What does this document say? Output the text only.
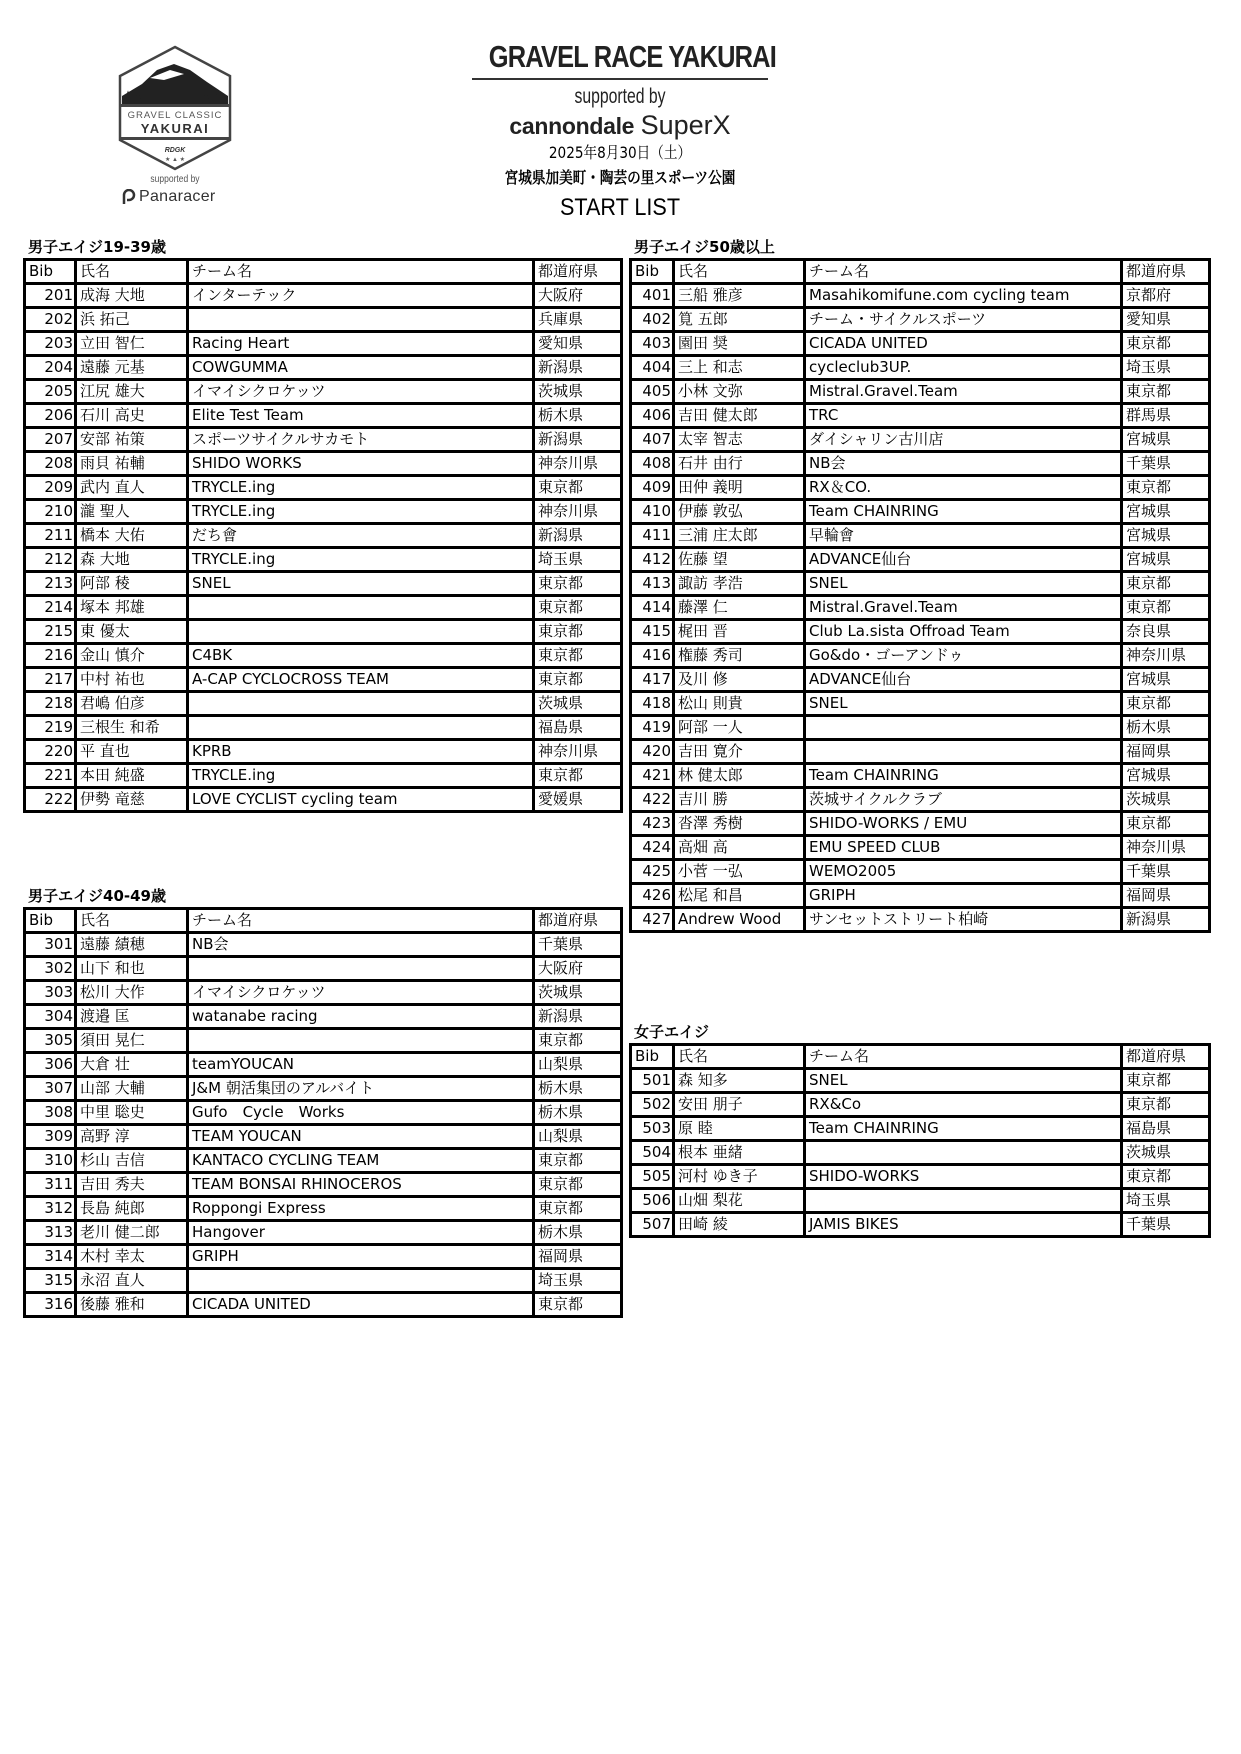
GRAVEL CLASSIC
YAKURAI
RDGK
★ ▲ ★
supported by
Panaracer
GRAVEL RACE YAKURAI
supported by
cannondale SuperX
2025年8月30日（土）
宮城県加美町・陶芸の里スポーツ公園
START LIST
男子エイジ19-39歳
Bib	氏名	チーム名	都道府県
201	成海 大地	インターテック	大阪府
202	浜 拓己		兵庫県
203	立田 智仁	Racing Heart	愛知県
204	遠藤 元基	COWGUMMA	新潟県
205	江尻 雄大	イマイシクロケッツ	茨城県
206	石川 高史	Elite Test Team	栃木県
207	安部 祐策	スポーツサイクルサカモト	新潟県
208	雨貝 祐輔	SHIDO WORKS	神奈川県
209	武内 直人	TRYCLE.ing	東京都
210	瀧 聖人	TRYCLE.ing	神奈川県
211	橋本 大佑	だち會	新潟県
212	森 大地	TRYCLE.ing	埼玉県
213	阿部 稜	SNEL	東京都
214	塚本 邦雄		東京都
215	東 優太		東京都
216	金山 慎介	C4BK	東京都
217	中村 祐也	A-CAP CYCLOCROSS TEAM	東京都
218	君嶋 伯彦		茨城県
219	三根生 和希		福島県
220	平 直也	KPRB	神奈川県
221	本田 純盛	TRYCLE.ing	東京都
222	伊勢 竜慈	LOVE CYCLIST cycling team	愛媛県
男子エイジ40-49歳
Bib	氏名	チーム名	都道府県
301	遠藤 績穂	NB会	千葉県
302	山下 和也		大阪府
303	松川 大作	イマイシクロケッツ	茨城県
304	渡邉 匡	watanabe racing	新潟県
305	須田 晃仁		東京都
306	大倉 壮	teamYOUCAN	山梨県
307	山部 大輔	J&M 朝活集団のアルバイト	栃木県
308	中里 聡史	Gufo　Cycle　Works	栃木県
309	高野 淳	TEAM YOUCAN	山梨県
310	杉山 吉信	KANTACO CYCLING TEAM	東京都
311	吉田 秀夫	TEAM BONSAI RHINOCEROS	東京都
312	長島 純郎	Roppongi Express	東京都
313	老川 健二郎	Hangover	栃木県
314	木村 幸太	GRIPH	福岡県
315	永沼 直人		埼玉県
316	後藤 雅和	CICADA UNITED	東京都
男子エイジ50歳以上
Bib	氏名	チーム名	都道府県
401	三船 雅彦	Masahikomifune.com cycling team	京都府
402	筧 五郎	チーム・サイクルスポーツ	愛知県
403	園田 奨	CICADA UNITED	東京都
404	三上 和志	cycleclub3UP.	埼玉県
405	小林 文弥	Mistral.Gravel.Team	東京都
406	吉田 健太郎	TRC	群馬県
407	太宰 智志	ダイシャリン古川店	宮城県
408	石井 由行	NB会	千葉県
409	田仲 義明	RX＆CO.	東京都
410	伊藤 敦弘	Team CHAINRING	宮城県
411	三浦 庄太郎	早輪會	宮城県
412	佐藤 望	ADVANCE仙台	宮城県
413	諏訪 孝浩	SNEL	東京都
414	藤澤 仁	Mistral.Gravel.Team	東京都
415	梶田 晋	Club La.sista Offroad Team	奈良県
416	権藤 秀司	Go&do・ゴーアンドゥ	神奈川県
417	及川 修	ADVANCE仙台	宮城県
418	松山 則貴	SNEL	東京都
419	阿部 一人		栃木県
420	吉田 寛介		福岡県
421	林 健太郎	Team CHAINRING	宮城県
422	吉川 勝	茨城サイクルクラブ	茨城県
423	沓澤 秀樹	SHIDO-WORKS / EMU	東京都
424	高畑 高	EMU SPEED CLUB	神奈川県
425	小菅 一弘	WEMO2005	千葉県
426	松尾 和昌	GRIPH	福岡県
427	Andrew Wood	サンセットストリート柏崎	新潟県
女子エイジ
Bib	氏名	チーム名	都道府県
501	森 知多	SNEL	東京都
502	安田 朋子	RX&Co	東京都
503	原 睦	Team CHAINRING	福島県
504	根本 亜緒		茨城県
505	河村 ゆき子	SHIDO-WORKS	東京都
506	山畑 梨花		埼玉県
507	田崎 綾	JAMIS BIKES	千葉県
